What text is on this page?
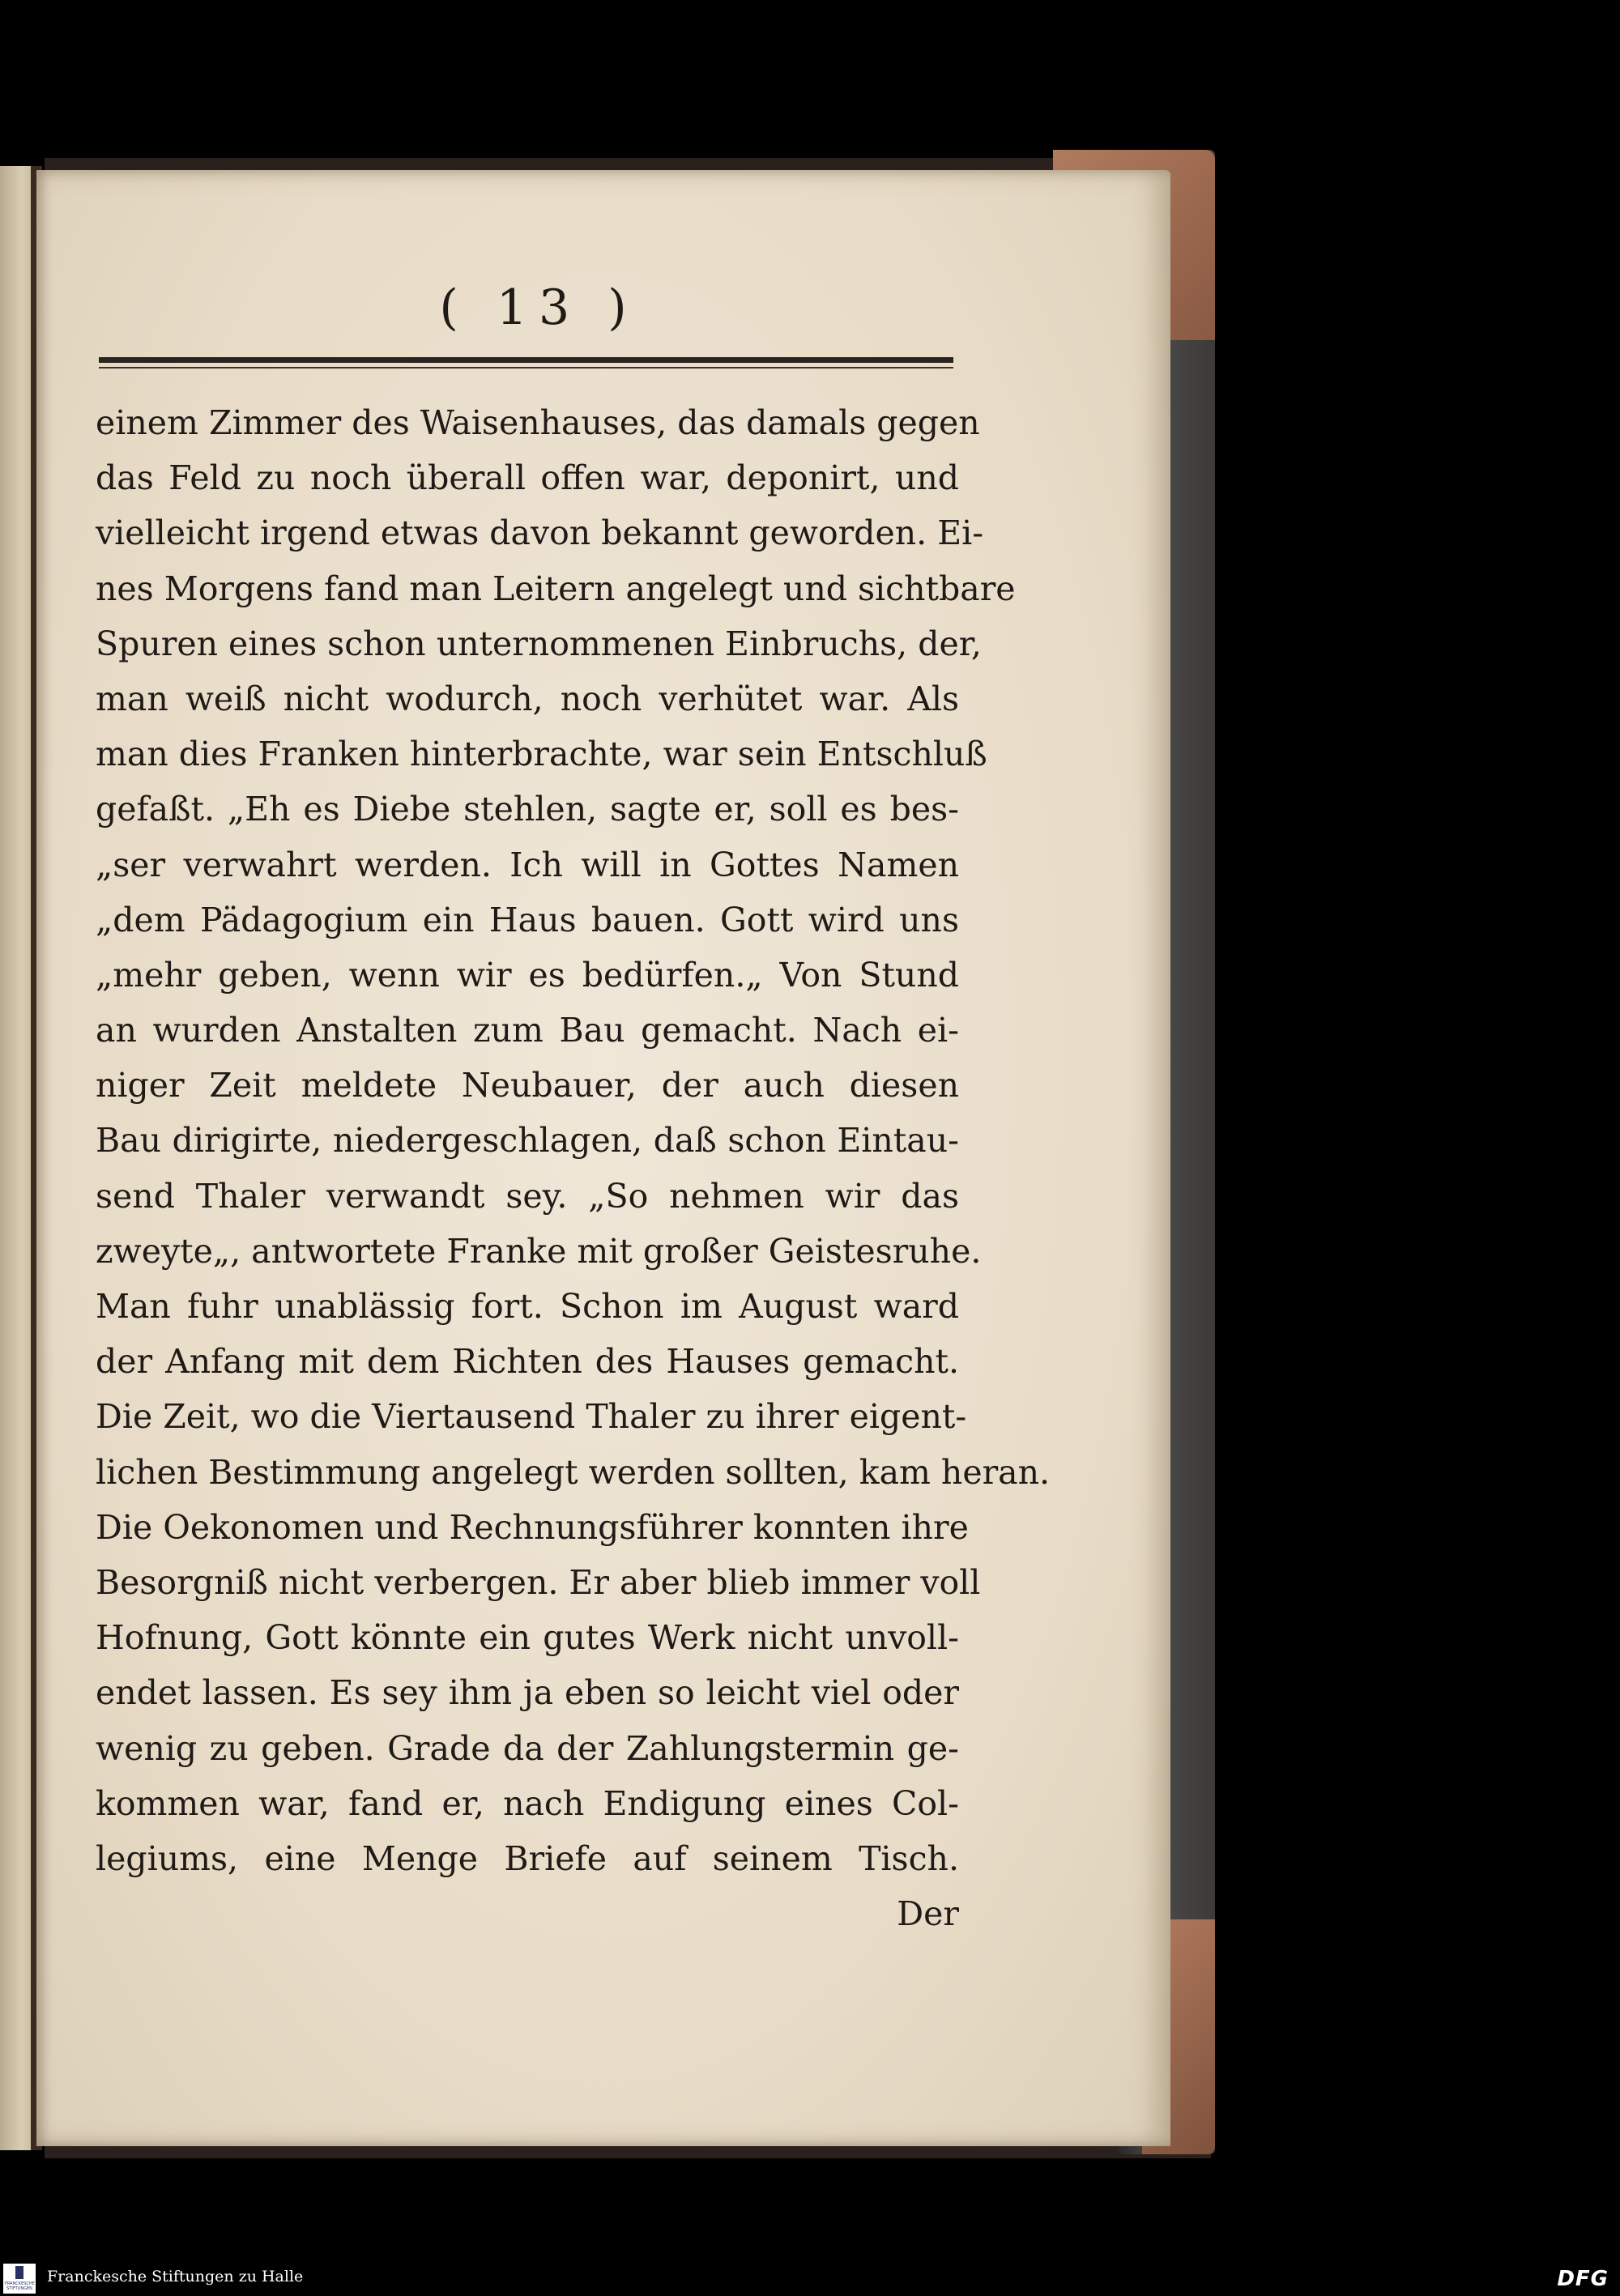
( 13 )
einem Zimmer des Waisenhauses, das damals gegen
das Feld zu noch überall offen war, deponirt, und
vielleicht irgend etwas davon bekannt geworden. Ei-
nes Morgens fand man Leitern angelegt und sichtbare
Spuren eines schon unternommenen Einbruchs, der,
man weiß nicht wodurch, noch verhütet war. Als
man dies Franken hinterbrachte, war sein Entschluß
gefaßt. „Eh es Diebe stehlen, sagte er, soll es bes-
„ser verwahrt werden. Ich will in Gottes Namen
„dem Pädagogium ein Haus bauen. Gott wird uns
„mehr geben, wenn wir es bedürfen.„ Von Stund
an wurden Anstalten zum Bau gemacht. Nach ei-
niger Zeit meldete Neubauer, der auch diesen
Bau dirigirte, niedergeschlagen, daß schon Eintau-
send Thaler verwandt sey. „So nehmen wir das
zweyte„, antwortete Franke mit großer Geistesruhe.
Man fuhr unablässig fort. Schon im August ward
der Anfang mit dem Richten des Hauses gemacht.
Die Zeit, wo die Viertausend Thaler zu ihrer eigent-
lichen Bestimmung angelegt werden sollten, kam heran.
Die Oekonomen und Rechnungsführer konnten ihre
Besorgniß nicht verbergen. Er aber blieb immer voll
Hofnung, Gott könnte ein gutes Werk nicht unvoll-
endet lassen. Es sey ihm ja eben so leicht viel oder
wenig zu geben. Grade da der Zahlungstermin ge-
kommen war, fand er, nach Endigung eines Col-
legiums, eine Menge Briefe auf seinem Tisch.
Der
FRANCKESCHE STIFTUNGEN
Franckesche Stiftungen zu Halle	DFG
